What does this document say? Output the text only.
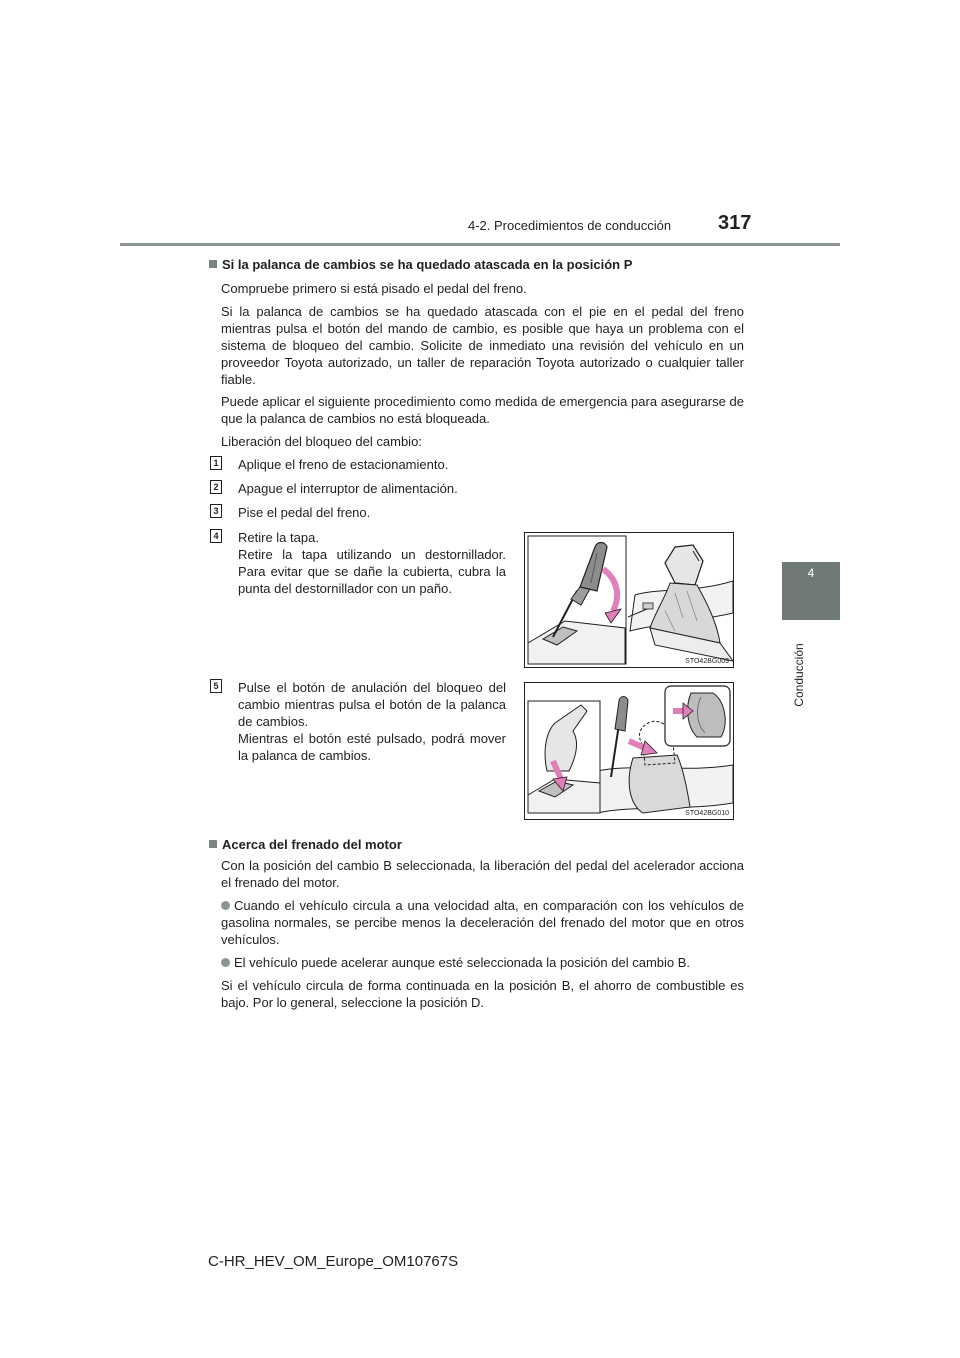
4-2. Procedimientos de conducción 317
4
Conducción
Si la palanca de cambios se ha quedado atascada en la posición P
Compruebe primero si está pisado el pedal del freno.
Si la palanca de cambios se ha quedado atascada con el pie en el pedal del freno mientras pulsa el botón del mando de cambio, es posible que haya un problema con el sistema de bloqueo del cambio. Solicite de inmediato una revisión del vehículo en un proveedor Toyota autorizado, un taller de reparación Toyota autorizado o cualquier taller fiable.
Puede aplicar el siguiente procedimiento como medida de emergencia para asegurarse de que la palanca de cambios no está bloqueada.
Liberación del bloqueo del cambio:
1 Aplique el freno de estacionamiento.
2 Apague el interruptor de alimentación.
3 Pise el pedal del freno.
4 Retire la tapa.
Retire la tapa utilizando un destornillador. Para evitar que se dañe la cubierta, cubra la punta del destornillador con un paño.
5 Pulse el botón de anulación del bloqueo del cambio mientras pulsa el botón de la palanca de cambios.
Mientras el botón esté pulsado, podrá mover la palanca de cambios.
STO42BG009
STO42BG010
Acerca del frenado del motor
Con la posición del cambio B seleccionada, la liberación del pedal del acelerador acciona el frenado del motor.
Cuando el vehículo circula a una velocidad alta, en comparación con los vehículos de gasolina normales, se percibe menos la deceleración del frenado del motor que en otros vehículos.
El vehículo puede acelerar aunque esté seleccionada la posición del cambio B.
Si el vehículo circula de forma continuada en la posición B, el ahorro de combustible es bajo. Por lo general, seleccione la posición D.
C-HR_HEV_OM_Europe_OM10767S
